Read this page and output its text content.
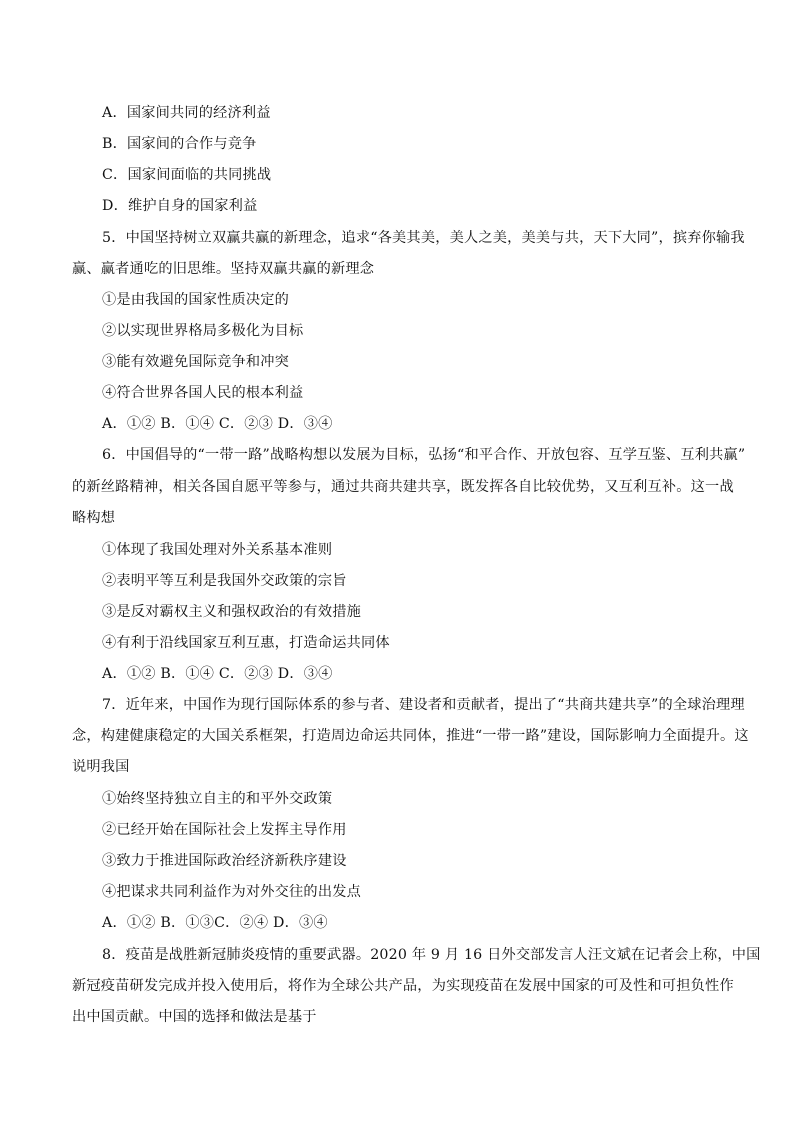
A．国家间共同的经济利益
B．国家间的合作与竞争
C．国家间面临的共同挑战
D．维护自身的国家利益
5．中国坚持树立双赢共赢的新理念，追求“各美其美，美人之美，美美与共，天下大同”，摈弃你输我
赢、赢者通吃的旧思维。坚持双赢共赢的新理念
①是由我国的国家性质决定的
②以实现世界格局多极化为目标
③能有效避免国际竞争和冲突
④符合世界各国人民的根本利益
A．①② B．①④ C．②③ D．③④
6．中国倡导的“一带一路”战略构想以发展为目标，弘扬“和平合作、开放包容、互学互鉴、互利共赢”
的新丝路精神，相关各国自愿平等参与，通过共商共建共享，既发挥各自比较优势，又互利互补。这一战
略构想
①体现了我国处理对外关系基本准则
②表明平等互利是我国外交政策的宗旨
③是反对霸权主义和强权政治的有效措施
④有利于沿线国家互利互惠，打造命运共同体
A．①② B．①④ C．②③ D．③④
7．近年来，中国作为现行国际体系的参与者、建设者和贡献者，提出了“共商共建共享”的全球治理理
念，构建健康稳定的大国关系框架，打造周边命运共同体，推进“一带一路”建设，国际影响力全面提升。这
说明我国
①始终坚持独立自主的和平外交政策
②已经开始在国际社会上发挥主导作用
③致力于推进国际政治经济新秩序建设
④把谋求共同利益作为对外交往的出发点
A．①② B．①③C．②④ D．③④
8．疫苗是战胜新冠肺炎疫情的重要武器。2020 年 9 月 16 日外交部发言人汪文斌在记者会上称，中国
新冠疫苗研发完成并投入使用后，将作为全球公共产品，为实现疫苗在发展中国家的可及性和可担负性作
出中国贡献。中国的选择和做法是基于
